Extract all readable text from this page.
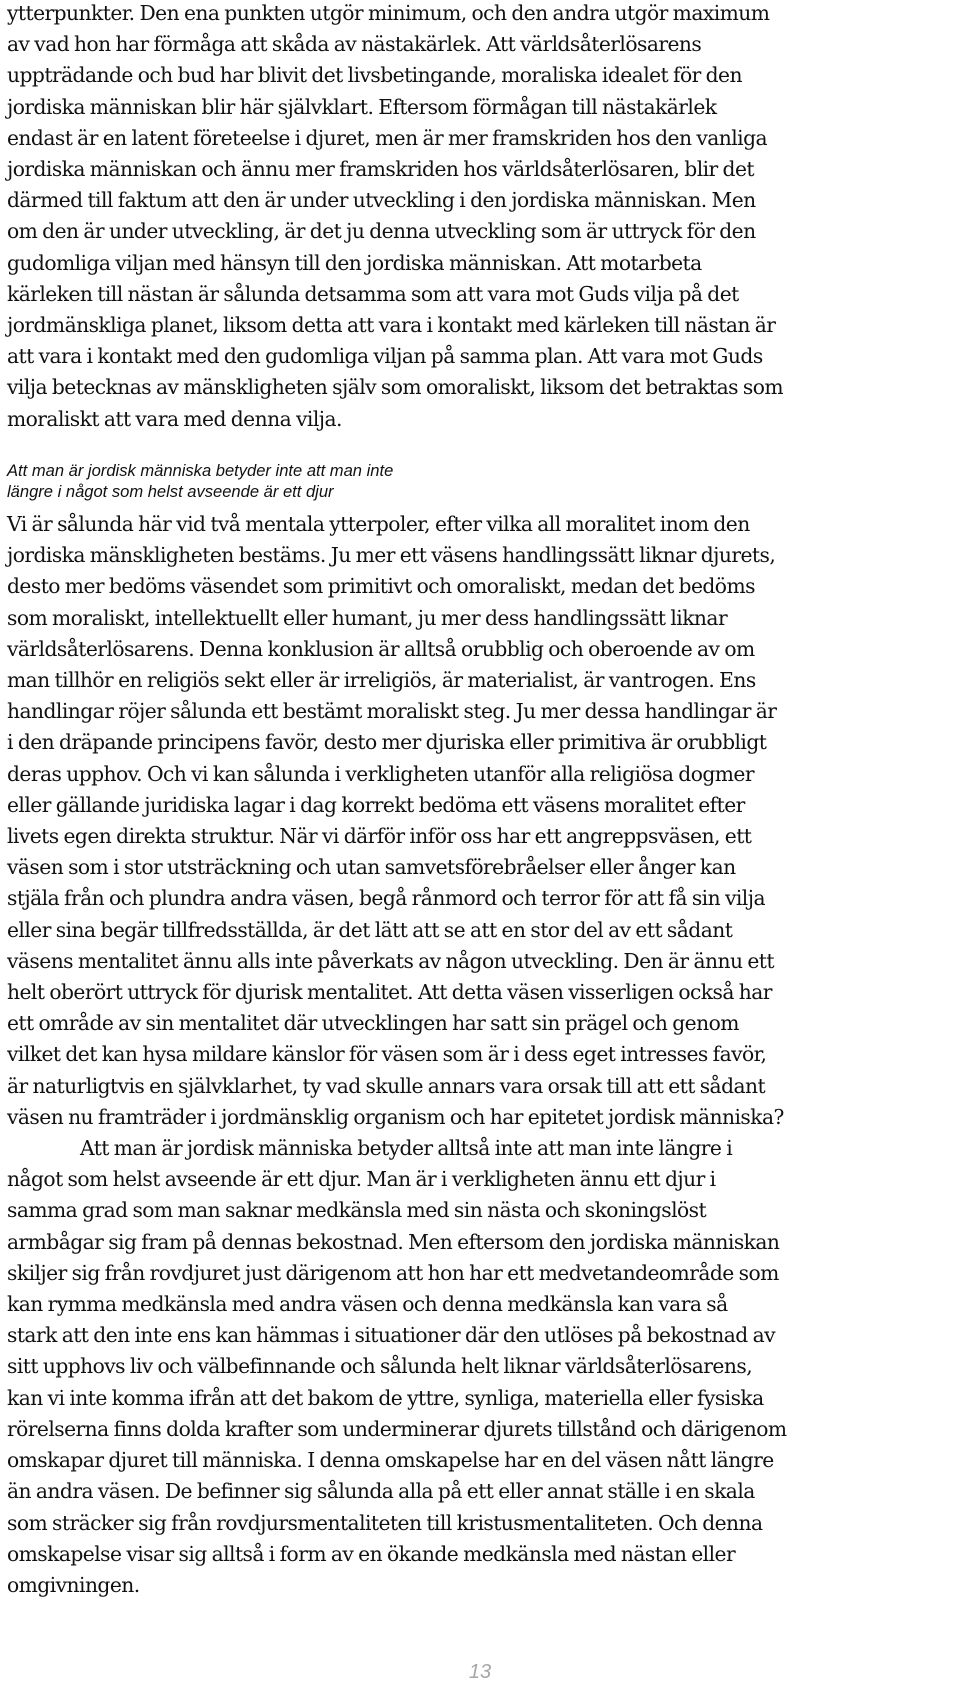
ytterpunkter. Den ena punkten utgör minimum, och den andra utgör maximum
av vad hon har förmåga att skåda av nästakärlek. Att världsåterlösarens
uppträdande och bud har blivit det livsbetingande, moraliska idealet för den
jordiska människan blir här självklart. Eftersom förmågan till nästakärlek
endast är en latent företeelse i djuret, men är mer framskriden hos den vanliga
jordiska människan och ännu mer framskriden hos världsåterlösaren, blir det
därmed till faktum att den är under utveckling i den jordiska människan. Men
om den är under utveckling, är det ju denna utveckling som är uttryck för den
gudomliga viljan med hänsyn till den jordiska människan. Att motarbeta
kärleken till nästan är sålunda detsamma som att vara mot Guds vilja på det
jordmänskliga planet, liksom detta att vara i kontakt med kärleken till nästan är
att vara i kontakt med den gudomliga viljan på samma plan. Att vara mot Guds
vilja betecknas av mänskligheten själv som omoraliskt, liksom det betraktas som
moraliskt att vara med denna vilja.
Att man är jordisk människa betyder inte att man inte
längre i något som helst avseende är ett djur
Vi är sålunda här vid två mentala ytterpoler, efter vilka all moralitet inom den
jordiska mänskligheten bestäms. Ju mer ett väsens handlingssätt liknar djurets,
desto mer bedöms väsendet som primitivt och omoraliskt, medan det bedöms
som moraliskt, intellektuellt eller humant, ju mer dess handlingssätt liknar
världsåterlösarens. Denna konklusion är alltså orubblig och oberoende av om
man tillhör en religiös sekt eller är irreligiös, är materialist, är vantrogen. Ens
handlingar röjer sålunda ett bestämt moraliskt steg. Ju mer dessa handlingar är
i den dräpande principens favör, desto mer djuriska eller primitiva är orubbligt
deras upphov. Och vi kan sålunda i verkligheten utanför alla religiösa dogmer
eller gällande juridiska lagar i dag korrekt bedöma ett väsens moralitet efter
livets egen direkta struktur. När vi därför inför oss har ett angreppsväsen, ett
väsen som i stor utsträckning och utan samvetsförebråelser eller ånger kan
stjäla från och plundra andra väsen, begå rånmord och terror för att få sin vilja
eller sina begär tillfredsställda, är det lätt att se att en stor del av ett sådant
väsens mentalitet ännu alls inte påverkats av någon utveckling. Den är ännu ett
helt oberört uttryck för djurisk mentalitet. Att detta väsen visserligen också har
ett område av sin mentalitet där utvecklingen har satt sin prägel och genom
vilket det kan hysa mildare känslor för väsen som är i dess eget intresses favör,
är naturligtvis en självklarhet, ty vad skulle annars vara orsak till att ett sådant
väsen nu framträder i jordmänsklig organism och har epitetet jordisk människa?
Att man är jordisk människa betyder alltså inte att man inte längre i
något som helst avseende är ett djur. Man är i verkligheten ännu ett djur i
samma grad som man saknar medkänsla med sin nästa och skoningslöst
armbågar sig fram på dennas bekostnad. Men eftersom den jordiska människan
skiljer sig från rovdjuret just därigenom att hon har ett medvetandeområde som
kan rymma medkänsla med andra väsen och denna medkänsla kan vara så
stark att den inte ens kan hämmas i situationer där den utlöses på bekostnad av
sitt upphovs liv och välbefinnande och sålunda helt liknar världsåterlösarens,
kan vi inte komma ifrån att det bakom de yttre, synliga, materiella eller fysiska
rörelserna finns dolda krafter som underminerar djurets tillstånd och därigenom
omskapar djuret till människa. I denna omskapelse har en del väsen nått längre
än andra väsen. De befinner sig sålunda alla på ett eller annat ställe i en skala
som sträcker sig från rovdjursmentaliteten till kristusmentaliteten. Och denna
omskapelse visar sig alltså i form av en ökande medkänsla med nästan eller
omgivningen.

13
